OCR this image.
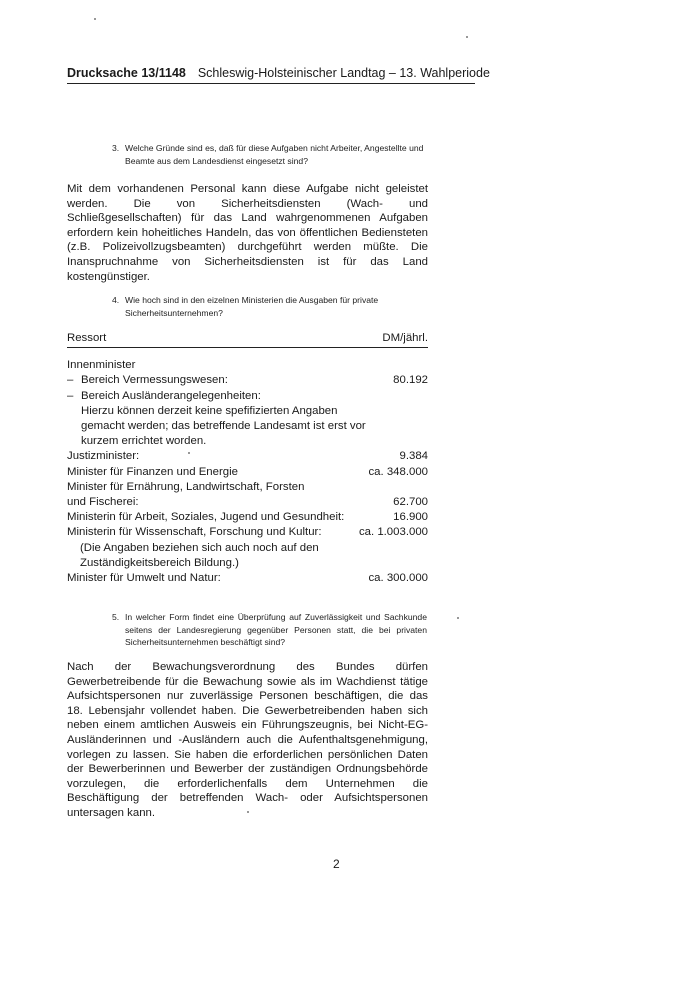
Drucksache 13/1148 Schleswig-Holsteinischer Landtag – 13. Wahlperiode
3. Welche Gründe sind es, daß für diese Aufgaben nicht Arbeiter, Angestellte und Beamte aus dem Landesdienst eingesetzt sind?
Mit dem vorhandenen Personal kann diese Aufgabe nicht geleistet werden. Die von Sicherheitsdiensten (Wach- und Schließgesellschaften) für das Land wahrgenommenen Aufgaben erfordern kein hoheitliches Handeln, das von öffentlichen Bediensteten (z.B. Polizeivollzugsbeamten) durchgeführt werden müßte. Die Inanspruchnahme von Sicherheitsdiensten ist für das Land kostengünstiger.
4. Wie hoch sind in den eizelnen Ministerien die Ausgaben für private Sicherheitsunternehmen?
Ressort	DM/jährl.
Innenminister
– Bereich Vermessungswesen:	80.192
– Bereich Ausländerangelegenheiten:
Hierzu können derzeit keine spefifizierten Angaben gemacht werden; das betreffende Landesamt ist erst vor kurzem errichtet worden.
Justizminister:	9.384
Minister für Finanzen und Energie	ca. 348.000
Minister für Ernährung, Landwirtschaft, Forsten
und Fischerei:	62.700
Ministerin für Arbeit, Soziales, Jugend und Gesundheit:	16.900
Ministerin für Wissenschaft, Forschung und Kultur:	ca. 1.003.000
(Die Angaben beziehen sich auch noch auf den Zuständigkeitsbereich Bildung.)
Minister für Umwelt und Natur:	ca. 300.000
5. In welcher Form findet eine Überprüfung auf Zuverlässigkeit und Sachkunde seitens der Landesregierung gegenüber Personen statt, die bei privaten Sicherheitsunternehmen beschäftigt sind?
Nach der Bewachungsverordnung des Bundes dürfen Gewerbetreibende für die Bewachung sowie als im Wachdienst tätige Aufsichtspersonen nur zuverlässige Personen beschäftigen, die das 18. Lebensjahr vollendet haben. Die Gewerbetreibenden haben sich neben einem amtlichen Ausweis ein Führungszeugnis, bei Nicht-EG-Ausländerinnen und -Ausländern auch die Aufenthaltsgenehmigung, vorlegen zu lassen. Sie haben die erforderlichen persönlichen Daten der Bewerberinnen und Bewerber der zuständigen Ordnungsbehörde vorzulegen, die erforderlichenfalls dem Unternehmen die Beschäftigung der betreffenden Wach- oder Aufsichtspersonen untersagen kann.
2
